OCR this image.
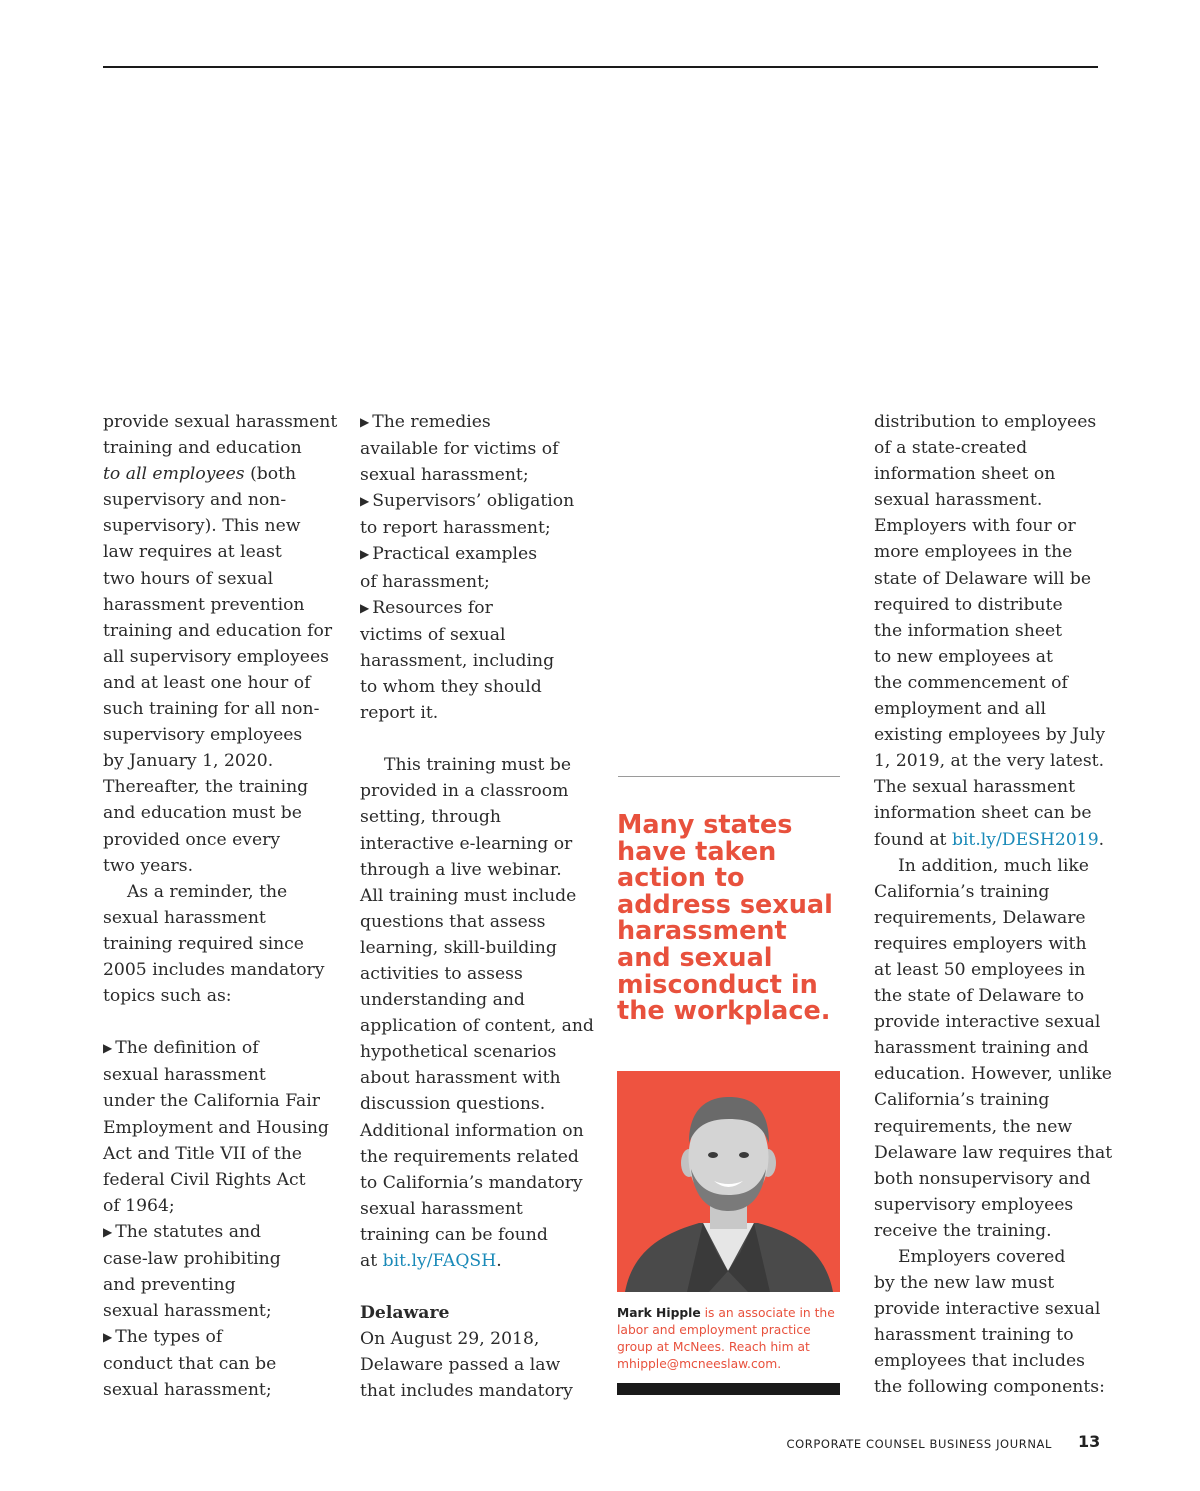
provide sexual harassment

training and education

to all employees (both

supervisory and non-

supervisory). This new

law requires at least

two hours of sexual

harassment prevention

training and education for

all supervisory employees

and at least one hour of

such training for all non-

supervisory employees

by January 1, 2020.

Thereafter, the training

and education must be

provided once every

two years.

As a reminder, the

sexual harassment

training required since

2005 includes mandatory

topics such as:

▶ The definition of

sexual harassment

under the California Fair

Employment and Housing

Act and Title VII of the

federal Civil Rights Act

of 1964;

▶ The statutes and

case-law prohibiting

and preventing

sexual harassment;

▶ The types of

conduct that can be

sexual harassment;

▶ The remedies

available for victims of

sexual harassment;

▶ Supervisors’ obligation

to report harassment;

▶ Practical examples

of harassment;

▶ Resources for

victims of sexual

harassment, including

to whom they should

report it.

This training must be

provided in a classroom

setting, through

interactive e-learning or

through a live webinar.

All training must include

questions that assess

learning, skill-building

activities to assess

understanding and

application of content, and

hypothetical scenarios

about harassment with

discussion questions.

Additional information on

the requirements related

to California’s mandatory

sexual harassment

training can be found

at bit.ly/FAQSH.

Delaware

On August 29, 2018,

Delaware passed a law

that includes mandatory

Many states

have taken

action to

address sexual

harassment

and sexual

misconduct in

the workplace.

Mark Hipple is an associate in the

labor and employment practice

group at McNees. Reach him at

mhipple@mcneeslaw.com.

distribution to employees

of a state-created

information sheet on

sexual harassment.

Employers with four or

more employees in the

state of Delaware will be

required to distribute

the information sheet

to new employees at

the commencement of

employment and all

existing employees by July

1, 2019, at the very latest.

The sexual harassment

information sheet can be

found at bit.ly/DESH2019.

In addition, much like

California’s training

requirements, Delaware

requires employers with

at least 50 employees in

the state of Delaware to

provide interactive sexual

harassment training and

education. However, unlike

California’s training

requirements, the new

Delaware law requires that

both nonsupervisory and

supervisory employees

receive the training.

Employers covered

by the new law must

provide interactive sexual

harassment training to

employees that includes

the following components:

CORPORATE COUNSEL BUSINESS JOURNAL 13
